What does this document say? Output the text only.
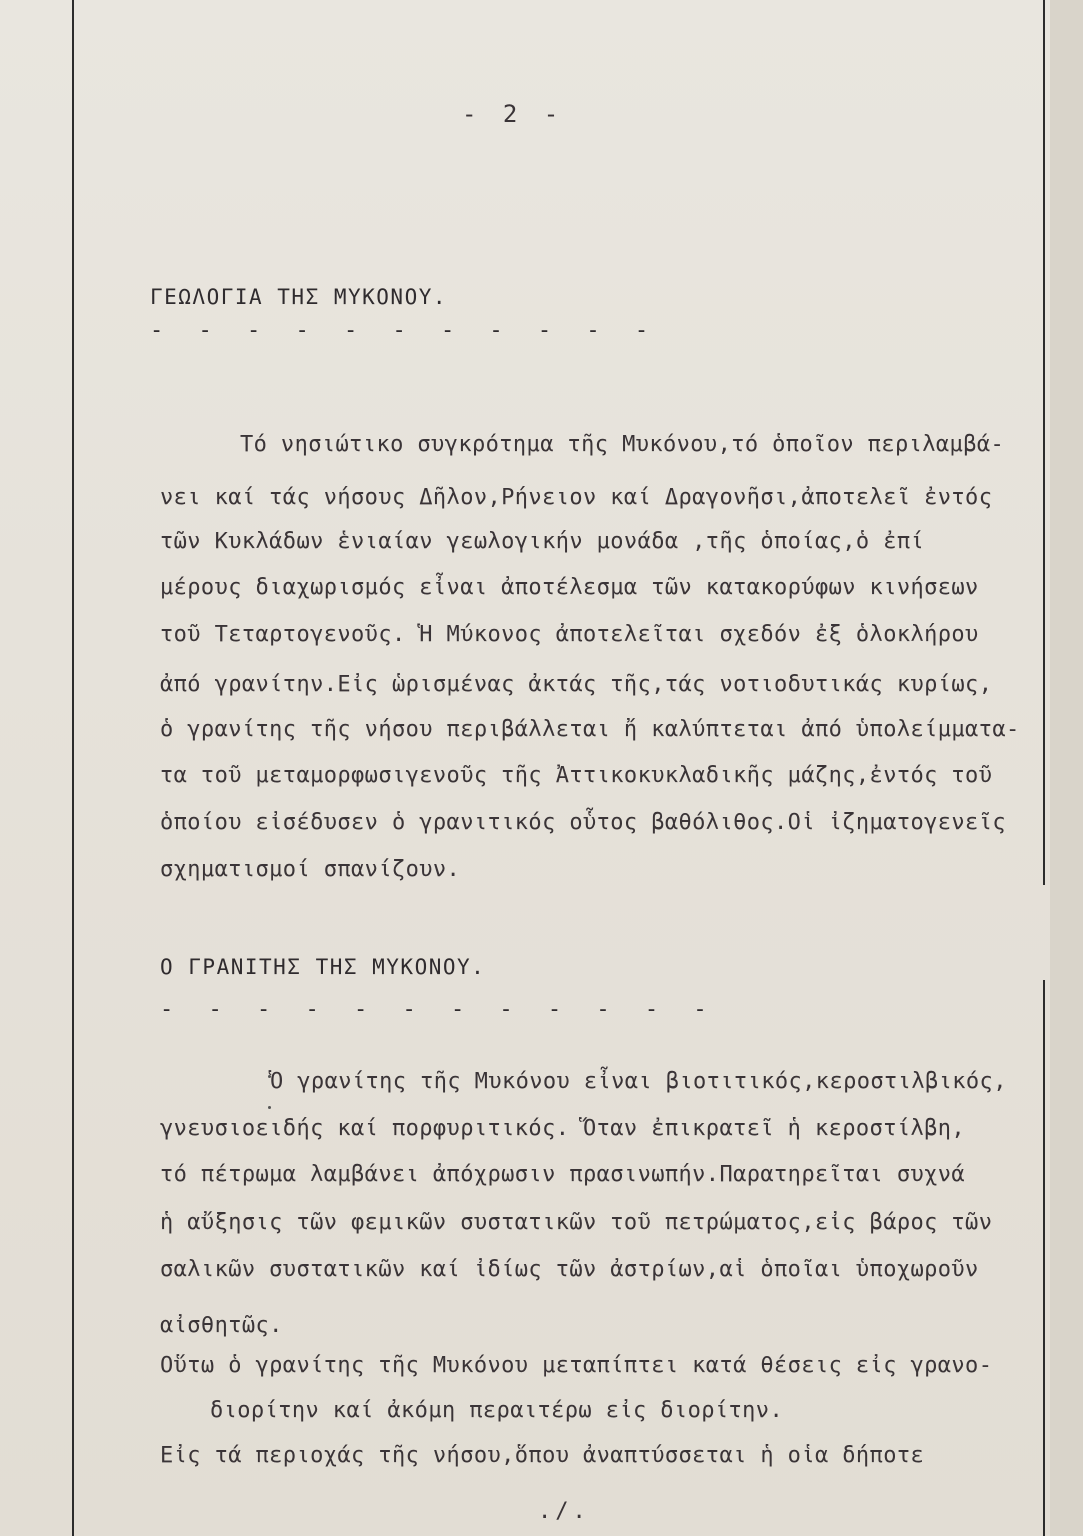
- 2 -
ΓΕΩΛΟΓΙΑ ΤΗΣ ΜΥΚΟΝΟΥ.
- - - - - - - - - - -
Τό νησιώτικο συγκρότημα τῆς Μυκόνου,τό ὁποῖον περιλαμβά-
νει καί τάς νήσους Δῆλον,Ρήνειον καί Δραγονῆσι,ἀποτελεῖ ἐντός
τῶν Κυκλάδων ἑνιαίαν γεωλογικήν μονάδα ,τῆς ὁποίας,ὁ ἐπί
μέρους διαχωρισμός εἶναι ἀποτέλεσμα τῶν κατακορύφων κινήσεων
τοῦ Τεταρτογενοῦς. Ἡ Μύκονος ἀποτελεῖται σχεδόν ἐξ ὁλοκλήρου
ἀπό γρανίτην.Εἰς ὡρισμένας ἀκτάς τῆς,τάς νοτιοδυτικάς κυρίως,
ὁ γρανίτης τῆς νήσου περιβάλλεται ἤ καλύπτεται ἀπό ὑπολείμματα-
τα τοῦ μεταμορφωσιγενοῦς τῆς Ἀττικοκυκλαδικῆς μάζης,ἐντός τοῦ
ὁποίου εἰσέδυσεν ὁ γρανιτικός οὗτος βαθόλιθος.Οἱ ἰζηματογενεῖς
σχηματισμοί σπανίζουν.
Ο ΓΡΑΝΙΤΗΣ ΤΗΣ ΜΥΚΟΝΟΥ.
- - - - - - - - - - - -
Ὁ γρανίτης τῆς Μυκόνου εἶναι βιοτιτικός,κεροστιλβικός,
γνευσιοειδής καί πορφυριτικός. Ὅταν ἐπικρατεῖ ἡ κεροστίλβη,
τό πέτρωμα λαμβάνει ἀπόχρωσιν πρασινωπήν.Παρατηρεῖται συχνά
ἡ αὔξησις τῶν φεμικῶν συστατικῶν τοῦ πετρώματος,εἰς βάρος τῶν
σαλικῶν συστατικῶν καί ἰδίως τῶν ἀστρίων,αἱ ὁποῖαι ὑποχωροῦν
αἰσθητῶς.
Οὕτω ὁ γρανίτης τῆς Μυκόνου μεταπίπτει κατά θέσεις εἰς γρανο-
διορίτην καί ἀκόμη περαιτέρω εἰς διορίτην.
Εἰς τά περιοχάς τῆς νήσου,ὅπου ἀναπτύσσεται ἡ οἱα δήποτε
./.
